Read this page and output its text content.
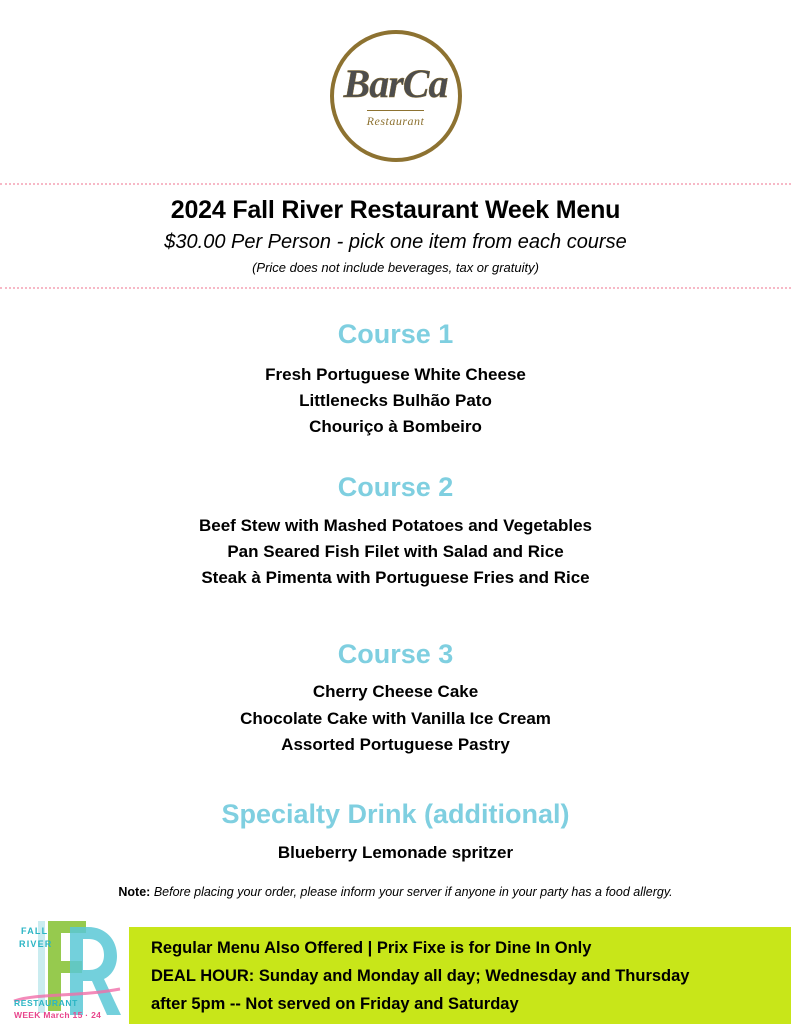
BarCa
Restaurant
2024 Fall River Restaurant Week Menu

$30.00 Per Person - pick one item from each course

(Price does not include beverages, tax or gratuity)

Course 1
Fresh Portuguese White Cheese
Littlenecks Bulhão Pato
Chouriço à Bombeiro
Course 2
Beef Stew with Mashed Potatoes and Vegetables
Pan Seared Fish Filet with Salad and Rice
Steak à Pimenta with Portuguese Fries and Rice
Course 3
Cherry Cheese Cake
Chocolate Cake with Vanilla Ice Cream
Assorted Portuguese Pastry
Specialty Drink (additional)
Blueberry Lemonade spritzer
Note: Before placing your order, please inform your server if anyone in your party has a food allergy.

Regular Menu Also Offered | Prix Fixe is for Dine In Only

DEAL HOUR: Sunday and Monday all day; Wednesday and Thursday

after 5pm -- Not served on Friday and Saturday

FALL
RIVER
RESTAURANT
WEEK March 15 · 24
